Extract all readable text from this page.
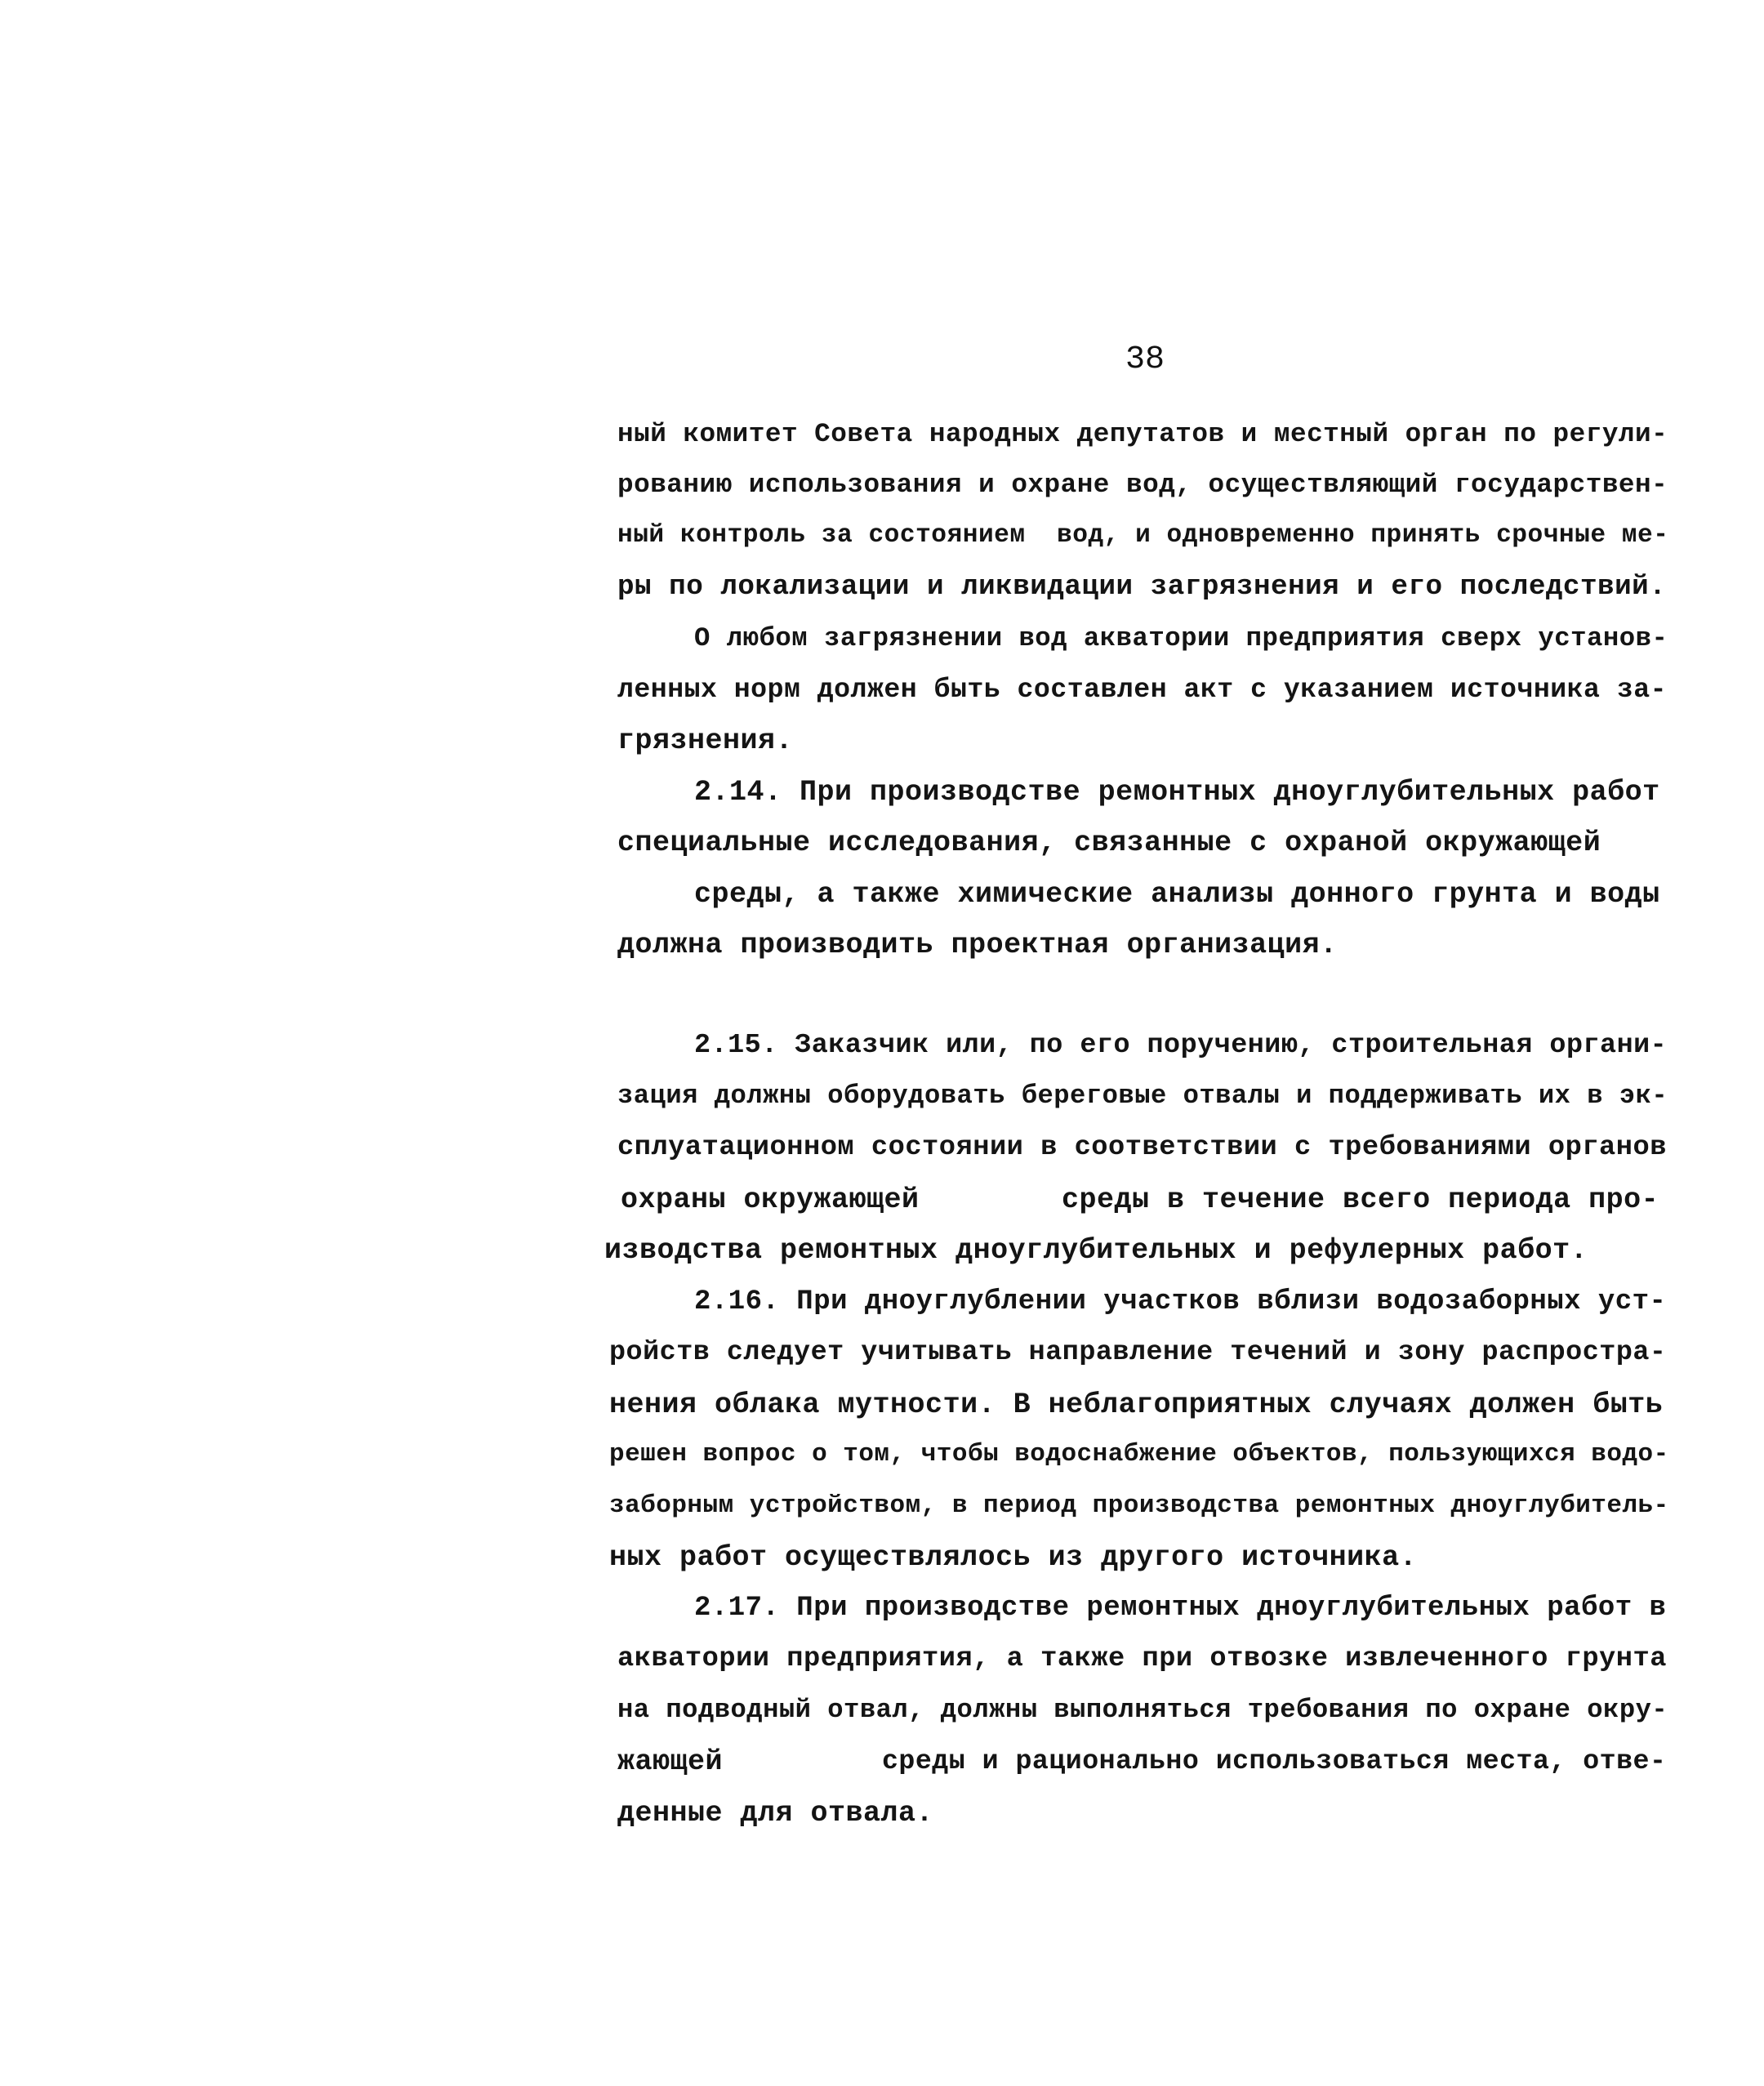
38
ный комитет Совета народных депутатов и местный орган по регули-
рованию использования и охране вод, осуществляющий государствен-
ный контроль за состоянием  вод, и одновременно принять срочные ме-
ры по локализации и ликвидации загрязнения и его последствий.
О любом загрязнении вод акватории предприятия сверх установ-
ленных норм должен быть составлен акт с указанием источника за-
грязнения.
2.14. При производстве ремонтных дноуглубительных работ
специальные исследования, связанные с охраной окружающей
среды, а также химические анализы донного грунта и воды
должна производить проектная организация.
2.15. Заказчик или, по его поручению, строительная органи-
зация должны оборудовать береговые отвалы и поддерживать их в эк-
сплуатационном состоянии в соответствии с требованиями органов
охраны окружающей	среды в течение всего периода про-
изводства ремонтных дноуглубительных и рефулерных работ.
2.16. При дноуглублении участков вблизи водозаборных уст-
ройств следует учитывать направление течений и зону распростра-
нения облака мутности. В неблагоприятных случаях должен быть
решен вопрос о том, чтобы водоснабжение объектов, пользующихся водо-
заборным устройством, в период производства ремонтных дноуглубитель-
ных работ осуществлялось из другого источника.
2.17. При производстве ремонтных дноуглубительных работ в
акватории предприятия, а также при отвозке извлеченного грунта
на подводный отвал, должны выполняться требования по охране окру-
жающей	среды и рационально использоваться места, отве-
денные для отвала.
